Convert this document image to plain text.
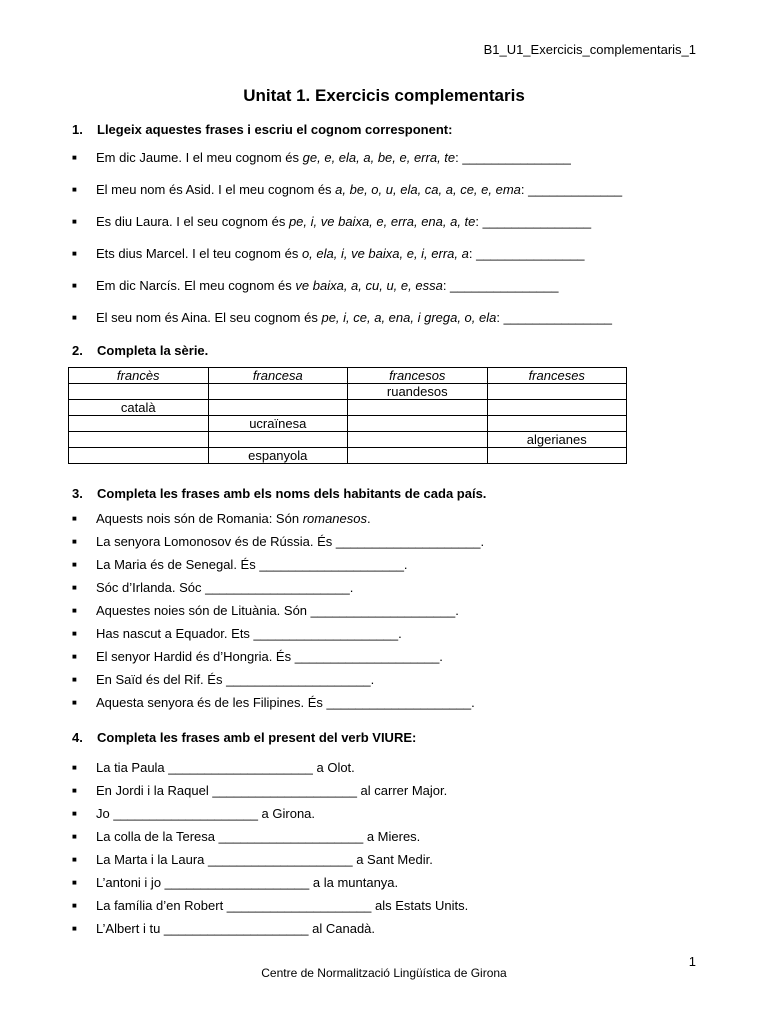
B1_U1_Exercicis_complementaris_1
Unitat 1. Exercicis complementaris
1. Llegeix aquestes frases i escriu el cognom corresponent:
■ Em dic Jaume. I el meu cognom és ge, e, ela, a, be, e, erra, te: _______________
■ El meu nom és Asid. I el meu cognom és a, be, o, u, ela, ca, a, ce, e, ema: _____________
■ Es diu Laura. I el seu cognom és pe, i, ve baixa, e, erra, ena, a, te: _______________
■ Ets dius Marcel. I el teu cognom és o, ela, i, ve baixa, e, i, erra, a: _______________
■ Em dic Narcís. El meu cognom és ve baixa, a, cu, u, e, essa: _______________
■ El seu nom és Aina. El seu cognom és pe, i, ce, a, ena, i grega, o, ela: _______________
2. Completa la sèrie.
francès	francesa	francesos	franceses
		ruandesos	
català			
	ucraïnesa		
			algerianes
	espanyola		
3. Completa les frases amb els noms dels habitants de cada país.
■ Aquests nois són de Romania: Són romanesos.
■ La senyora Lomonosov és de Rússia. És ____________________.
■ La Maria és de Senegal. És ____________________.
■ Sóc d’Irlanda. Sóc ____________________.
■ Aquestes noies són de Lituània. Són ____________________.
■ Has nascut a Equador. Ets ____________________.
■ El senyor Hardid és d’Hongria. És ____________________.
■ En Saïd és del Rif. És ____________________.
■ Aquesta senyora és de les Filipines. És ____________________.
4. Completa les frases amb el present del verb VIURE:
■ La tia Paula ____________________ a Olot.
■ En Jordi i la Raquel ____________________ al carrer Major.
■ Jo ____________________ a Girona.
■ La colla de la Teresa ____________________ a Mieres.
■ La Marta i la Laura ____________________ a Sant Medir.
■ L’antoni i jo ____________________ a la muntanya.
■ La família d’en Robert ____________________ als Estats Units.
■ L’Albert i tu ____________________ al Canadà.
1
Centre de Normalització Lingüística de Girona
